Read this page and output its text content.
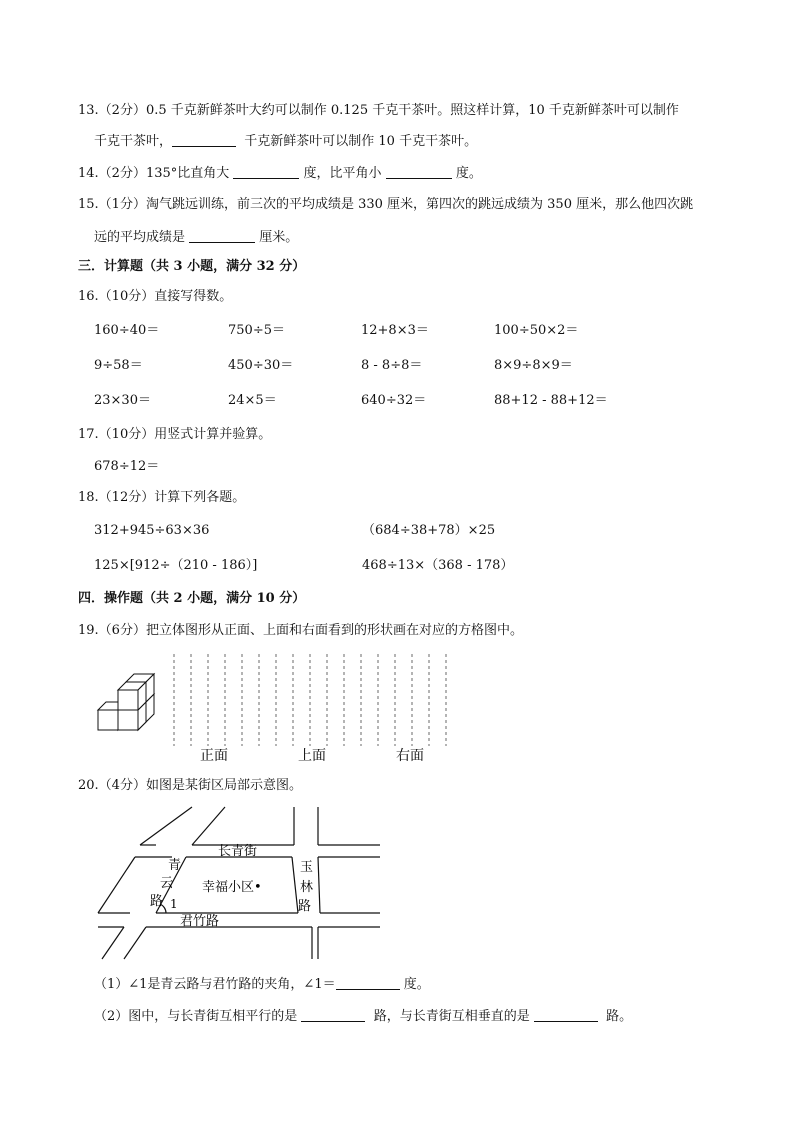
13.（2分）0.5 千克新鲜茶叶大约可以制作 0.125 千克干茶叶。照这样计算，10 千克新鲜茶叶可以制作
千克干茶叶，	千克新鲜茶叶可以制作 10 千克干茶叶。
14.（2分）135°比直角大	度，比平角小	度。
15.（1分）淘气跳远训练，前三次的平均成绩是 330 厘米，第四次的跳远成绩为 350 厘米，那么他四次跳
远的平均成绩是	厘米。
三．计算题（共 3 小题，满分 32 分）
16.（10分）直接写得数。
160÷40＝	750÷5＝	12+8×3＝	100÷50×2＝
9÷58＝	450÷30＝	8 - 8÷8＝	8×9÷8×9＝
23×30＝	24×5＝	640÷32＝	88+12 - 88+12＝
17.（10分）用竖式计算并验算。
678÷12＝
18.（12分）计算下列各题。
312+945÷63×36	（684÷38+78）×25
125×[912÷（210 - 186）]	468÷13×（368 - 178）
四．操作题（共 2 小题，满分 10 分）
19.（6分）把立体图形从正面、上面和右面看到的形状画在对应的方格图中。
正面	上面	右面
20.（4分）如图是某街区局部示意图。
长青街
青
云
路 1
幸福小区•
玉
林
路
君竹路
（1）∠1是青云路与君竹路的夹角，∠1＝	度。
（2）图中，与长青街互相平行的是	路，与长青街互相垂直的是	路。
